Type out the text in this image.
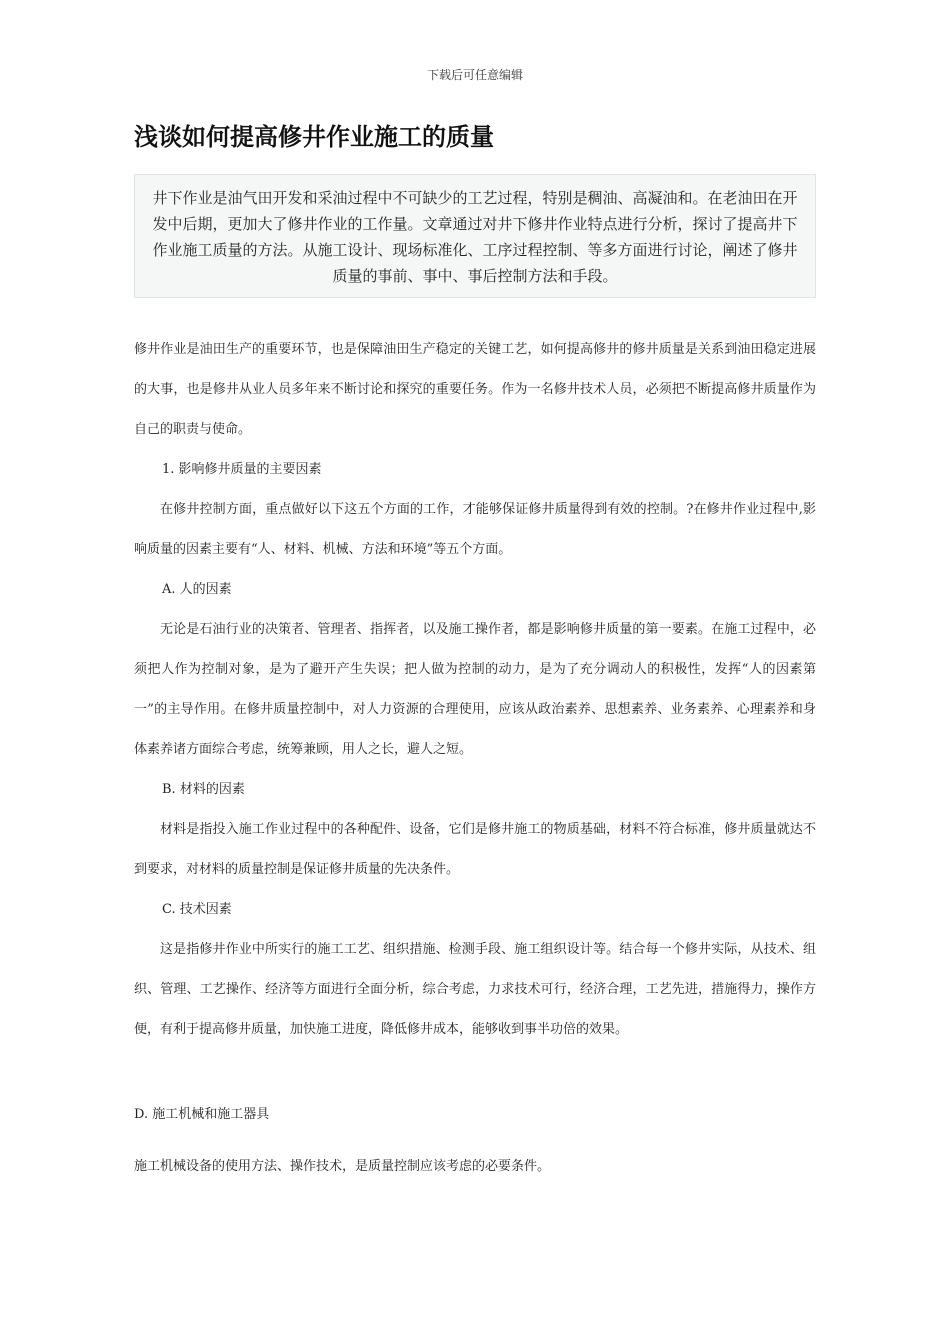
下载后可任意编辑
浅谈如何提高修井作业施工的质量

井下作业是油气田开发和采油过程中不可缺少的工艺过程，特别是稠油、高凝油和。在老油田在开发中后期，更加大了修井作业的工作量。文章通过对井下修井作业特点进行分析，探讨了提高井下作业施工质量的方法。从施工设计、现场标准化、工序过程控制、等多方面进行讨论，阐述了修井质量的事前、事中、事后控制方法和手段。

修井作业是油田生产的重要环节，也是保障油田生产稳定的关键工艺，如何提高修井的修井质量是关系到油田稳定进展的大事，也是修井从业人员多年来不断讨论和探究的重要任务。作为一名修井技术人员，必须把不断提高修井质量作为自己的职责与使命。

1. 影响修井质量的主要因素

在修井控制方面，重点做好以下这五个方面的工作，才能够保证修井质量得到有效的控制。?在修井作业过程中,影响质量的因素主要有“人、材料、机械、方法和环境”等五个方面。

A. 人的因素

无论是石油行业的决策者、管理者、指挥者，以及施工操作者，都是影响修井质量的第一要素。在施工过程中，必须把人作为控制对象，是为了避开产生失误；把人做为控制的动力，是为了充分调动人的积极性，发挥“人的因素第一”的主导作用。在修井质量控制中，对人力资源的合理使用，应该从政治素养、思想素养、业务素养、心理素养和身体素养诸方面综合考虑，统筹兼顾，用人之长，避人之短。

B. 材料的因素

材料是指投入施工作业过程中的各种配件、设备，它们是修井施工的物质基础，材料不符合标准，修井质量就达不到要求，对材料的质量控制是保证修井质量的先决条件。

C. 技术因素

这是指修井作业中所实行的施工工艺、组织措施、检测手段、施工组织设计等。结合每一个修井实际，从技术、组织、管理、工艺操作、经济等方面进行全面分析，综合考虑，力求技术可行，经济合理，工艺先进，措施得力，操作方便，有利于提高修井质量，加快施工进度，降低修井成本，能够收到事半功倍的效果。

D. 施工机械和施工器具

施工机械设备的使用方法、操作技术，是质量控制应该考虑的必要条件。
